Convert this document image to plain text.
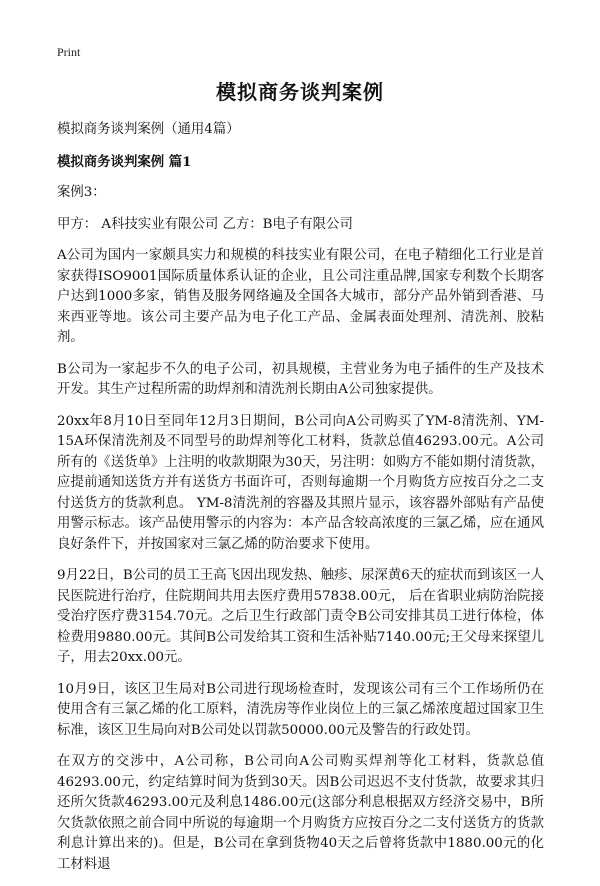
Print
模拟商务谈判案例

模拟商务谈判案例（通用4篇）

模拟商务谈判案例 篇1

案例3：

甲方： A科技实业有限公司 乙方：B电子有限公司

A公司为国内一家颇具实力和规模的科技实业有限公司，在电子精细化工行业是首家获得ISO9001国际质量体系认证的企业，且公司注重品牌,国家专利数个长期客户达到1000多家，销售及服务网络遍及全国各大城市，部分产品外销到香港、马来西亚等地。该公司主要产品为电子化工产品、金属表面处理剂、清洗剂、胶粘剂。

B公司为一家起步不久的电子公司，初具规模，主营业务为电子插件的生产及技术开发。其生产过程所需的助焊剂和清洗剂长期由A公司独家提供。

20xx年8月10日至同年12月3日期间，B公司向A公司购买了YM-8清洗剂、YM-15A环保清洗剂及不同型号的助焊剂等化工材料，货款总值46293.00元。A公司所有的《送货单》上注明的收款期限为30天，另注明：如购方不能如期付清货款，应提前通知送货方并有送货方书面许可，否则每逾期一个月购货方应按百分之二支付送货方的货款利息。 YM-8清洗剂的容器及其照片显示，该容器外部贴有产品使用警示标志。该产品使用警示的内容为：本产品含较高浓度的三氯乙烯，应在通风良好条件下，并按国家对三氯乙烯的防治要求下使用。

9月22日，B公司的员工王高飞因出现发热、触疹、尿深黄6天的症状而到该区一人民医院进行治疗，住院期间共用去医疗费用57838.00元， 后在省职业病防治院接受治疗医疗费3154.70元。之后卫生行政部门责令B公司安排其员工进行体检，体检费用9880.00元。其间B公司发给其工资和生活补贴7140.00元;王父母来探望儿子，用去20xx.00元。

10月9日，该区卫生局对B公司进行现场检查时，发现该公司有三个工作场所仍在使用含有三氯乙烯的化工原料，清洗房等作业岗位上的三氯乙烯浓度超过国家卫生标准，该区卫生局向对B公司处以罚款50000.00元及警告的行政处罚。

在双方的交涉中，A公司称，B公司向A公司购买焊剂等化工材料，货款总值46293.00元，约定结算时间为货到30天。因B公司迟迟不支付货款，故要求其归还所欠货款46293.00元及利息1486.00元(这部分利息根据双方经济交易中，B所欠货款依照之前合同中所说的每逾期一个月购货方应按百分之二支付送货方的货款利息计算出来的)。但是，B公司在拿到货物40天之后曾将货款中1880.00元的化工材料退
